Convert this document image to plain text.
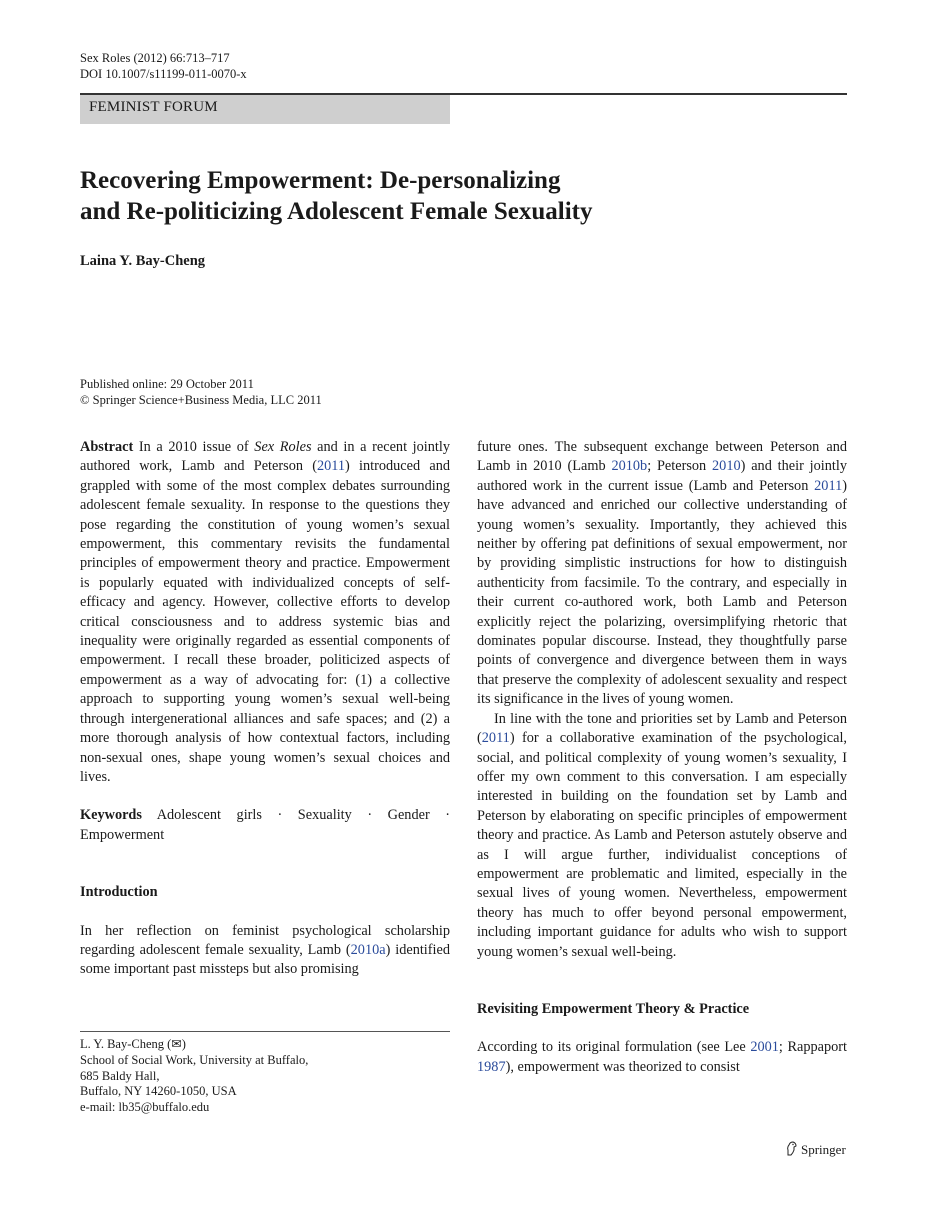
Sex Roles (2012) 66:713–717
DOI 10.1007/s11199-011-0070-x
FEMINIST FORUM
Recovering Empowerment: De-personalizing
and Re-politicizing Adolescent Female Sexuality
Laina Y. Bay-Cheng
Published online: 29 October 2011
© Springer Science+Business Media, LLC 2011

Abstract In a 2010 issue of Sex Roles and in a recent jointly authored work, Lamb and Peterson (2011) introduced and grappled with some of the most complex debates surrounding adolescent female sexuality. In response to the questions they pose regarding the constitution of young women’s sexual empowerment, this commentary revisits the fundamental principles of empowerment theory and practice. Empowerment is popularly equated with individualized concepts of self-efficacy and agency. However, collective efforts to develop critical consciousness and to address systemic bias and inequality were originally regarded as essential components of empowerment. I recall these broader, politicized aspects of empowerment as a way of advocating for: (1) a collective approach to supporting young women’s sexual well-being through intergenerational alliances and safe spaces; and (2) a more thorough analysis of how contextual factors, including non-sexual ones, shape young women’s sexual choices and lives.

Keywords Adolescent girls · Sexuality · Gender · Empowerment

Introduction

In her reflection on feminist psychological scholarship regarding adolescent female sexuality, Lamb (2010a) identified some important past missteps but also promising

future ones. The subsequent exchange between Peterson and Lamb in 2010 (Lamb 2010b; Peterson 2010) and their jointly authored work in the current issue (Lamb and Peterson 2011) have advanced and enriched our collective understanding of young women’s sexuality. Importantly, they achieved this neither by offering pat definitions of sexual empowerment, nor by providing simplistic instructions for how to distinguish authenticity from facsimile. To the contrary, and especially in their current co-authored work, both Lamb and Peterson explicitly reject the polarizing, oversimplifying rhetoric that dominates popular discourse. Instead, they thoughtfully parse points of convergence and divergence between them in ways that preserve the complexity of adolescent sexuality and respect its significance in the lives of young women.

In line with the tone and priorities set by Lamb and Peterson (2011) for a collaborative examination of the psychological, social, and political complexity of young women’s sexuality, I offer my own comment to this conversation. I am especially interested in building on the foundation set by Lamb and Peterson by elaborating on specific principles of empowerment theory and practice. As Lamb and Peterson astutely observe and as I will argue further, individualist conceptions of empowerment are problematic and limited, especially in the sexual lives of young women. Nevertheless, empowerment theory has much to offer beyond personal empowerment, including important guidance for adults who wish to support young women’s sexual well-being.

Revisiting Empowerment Theory & Practice

According to its original formulation (see Lee 2001; Rappaport 1987), empowerment was theorized to consist

L. Y. Bay-Cheng (✉)
School of Social Work, University at Buffalo,
685 Baldy Hall,
Buffalo, NY 14260-1050, USA
e-mail: lb35@buffalo.edu
Springer
